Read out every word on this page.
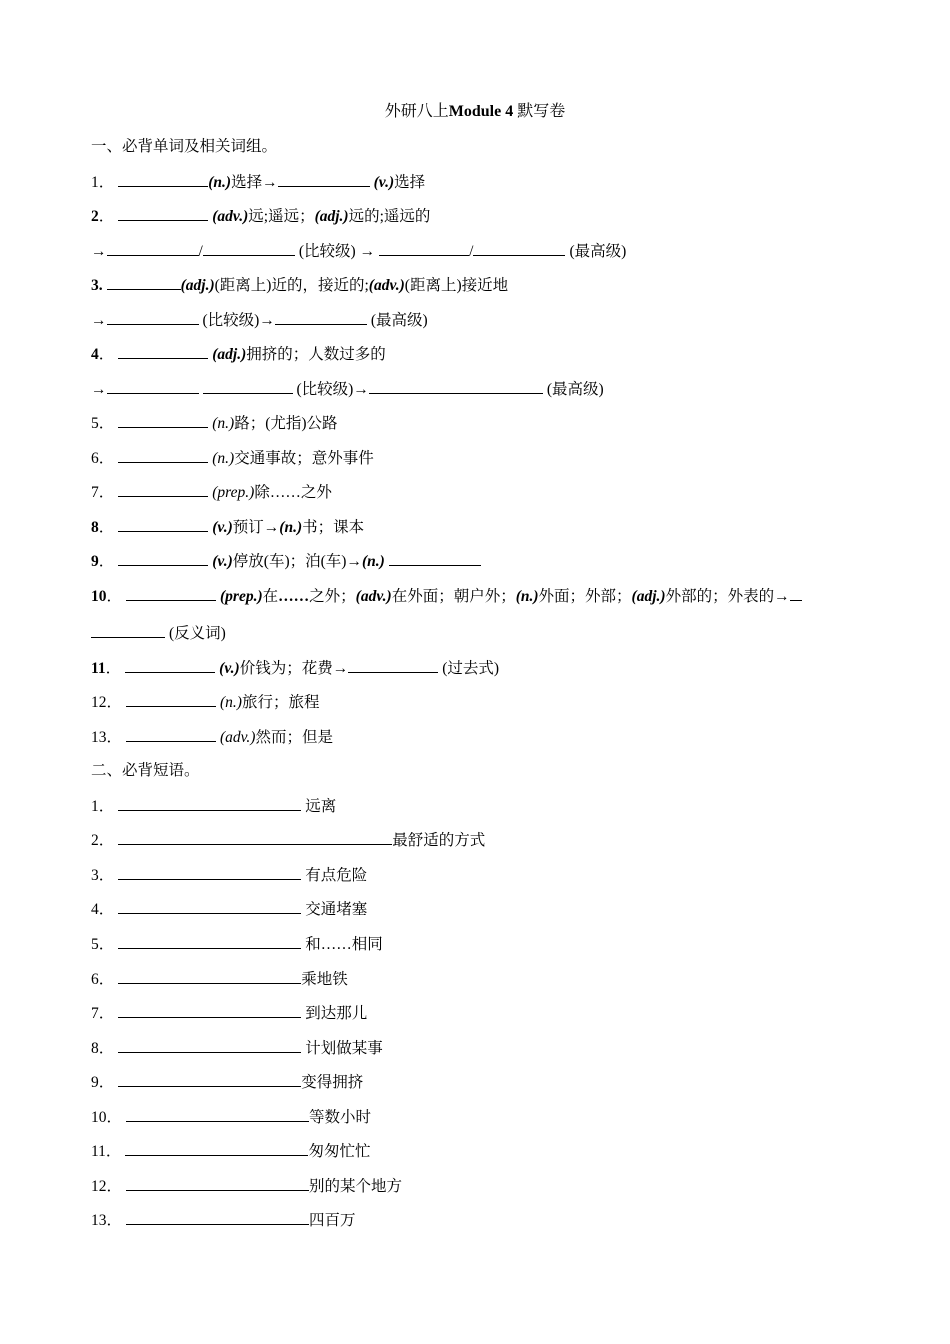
外研八上Module 4 默写卷
一、必背单词及相关词组。
1．	(n.)选择→	(v.)选择
2．	(adv.)远;遥远；(adj.)远的;遥远的
→	/	(比较级) →	/	(最高级)
3.	(adj.)(距离上)近的，接近的;(adv.)(距离上)接近地
→	(比较级)→	(最高级)
4．	(adj.)拥挤的；人数过多的
→	(比较级)→	(最高级)
5．	(n.)路；(尤指)公路
6．	(n.)交通事故；意外事件
7．	(prep.)除……之外
8．	(v.)预订→(n.)书；课本
9．	(v.)停放(车)；泊(车)→(n.)
10．	(prep.)在……之外；(adv.)在外面；朝户外；(n.)外面；外部；(adj.)外部的；外表的→
(反义词)
11．	(v.)价钱为；花费→	(过去式)
12．	(n.)旅行；旅程
13．	(adv.)然而；但是
二、必背短语。
1．	远离
2．	最舒适的方式
3．	有点危险
4．	交通堵塞
5．	和……相同
6．	乘地铁
7．	到达那儿
8．	计划做某事
9．	变得拥挤
10．	等数小时
11．	匆匆忙忙
12．	别的某个地方
13．	四百万
